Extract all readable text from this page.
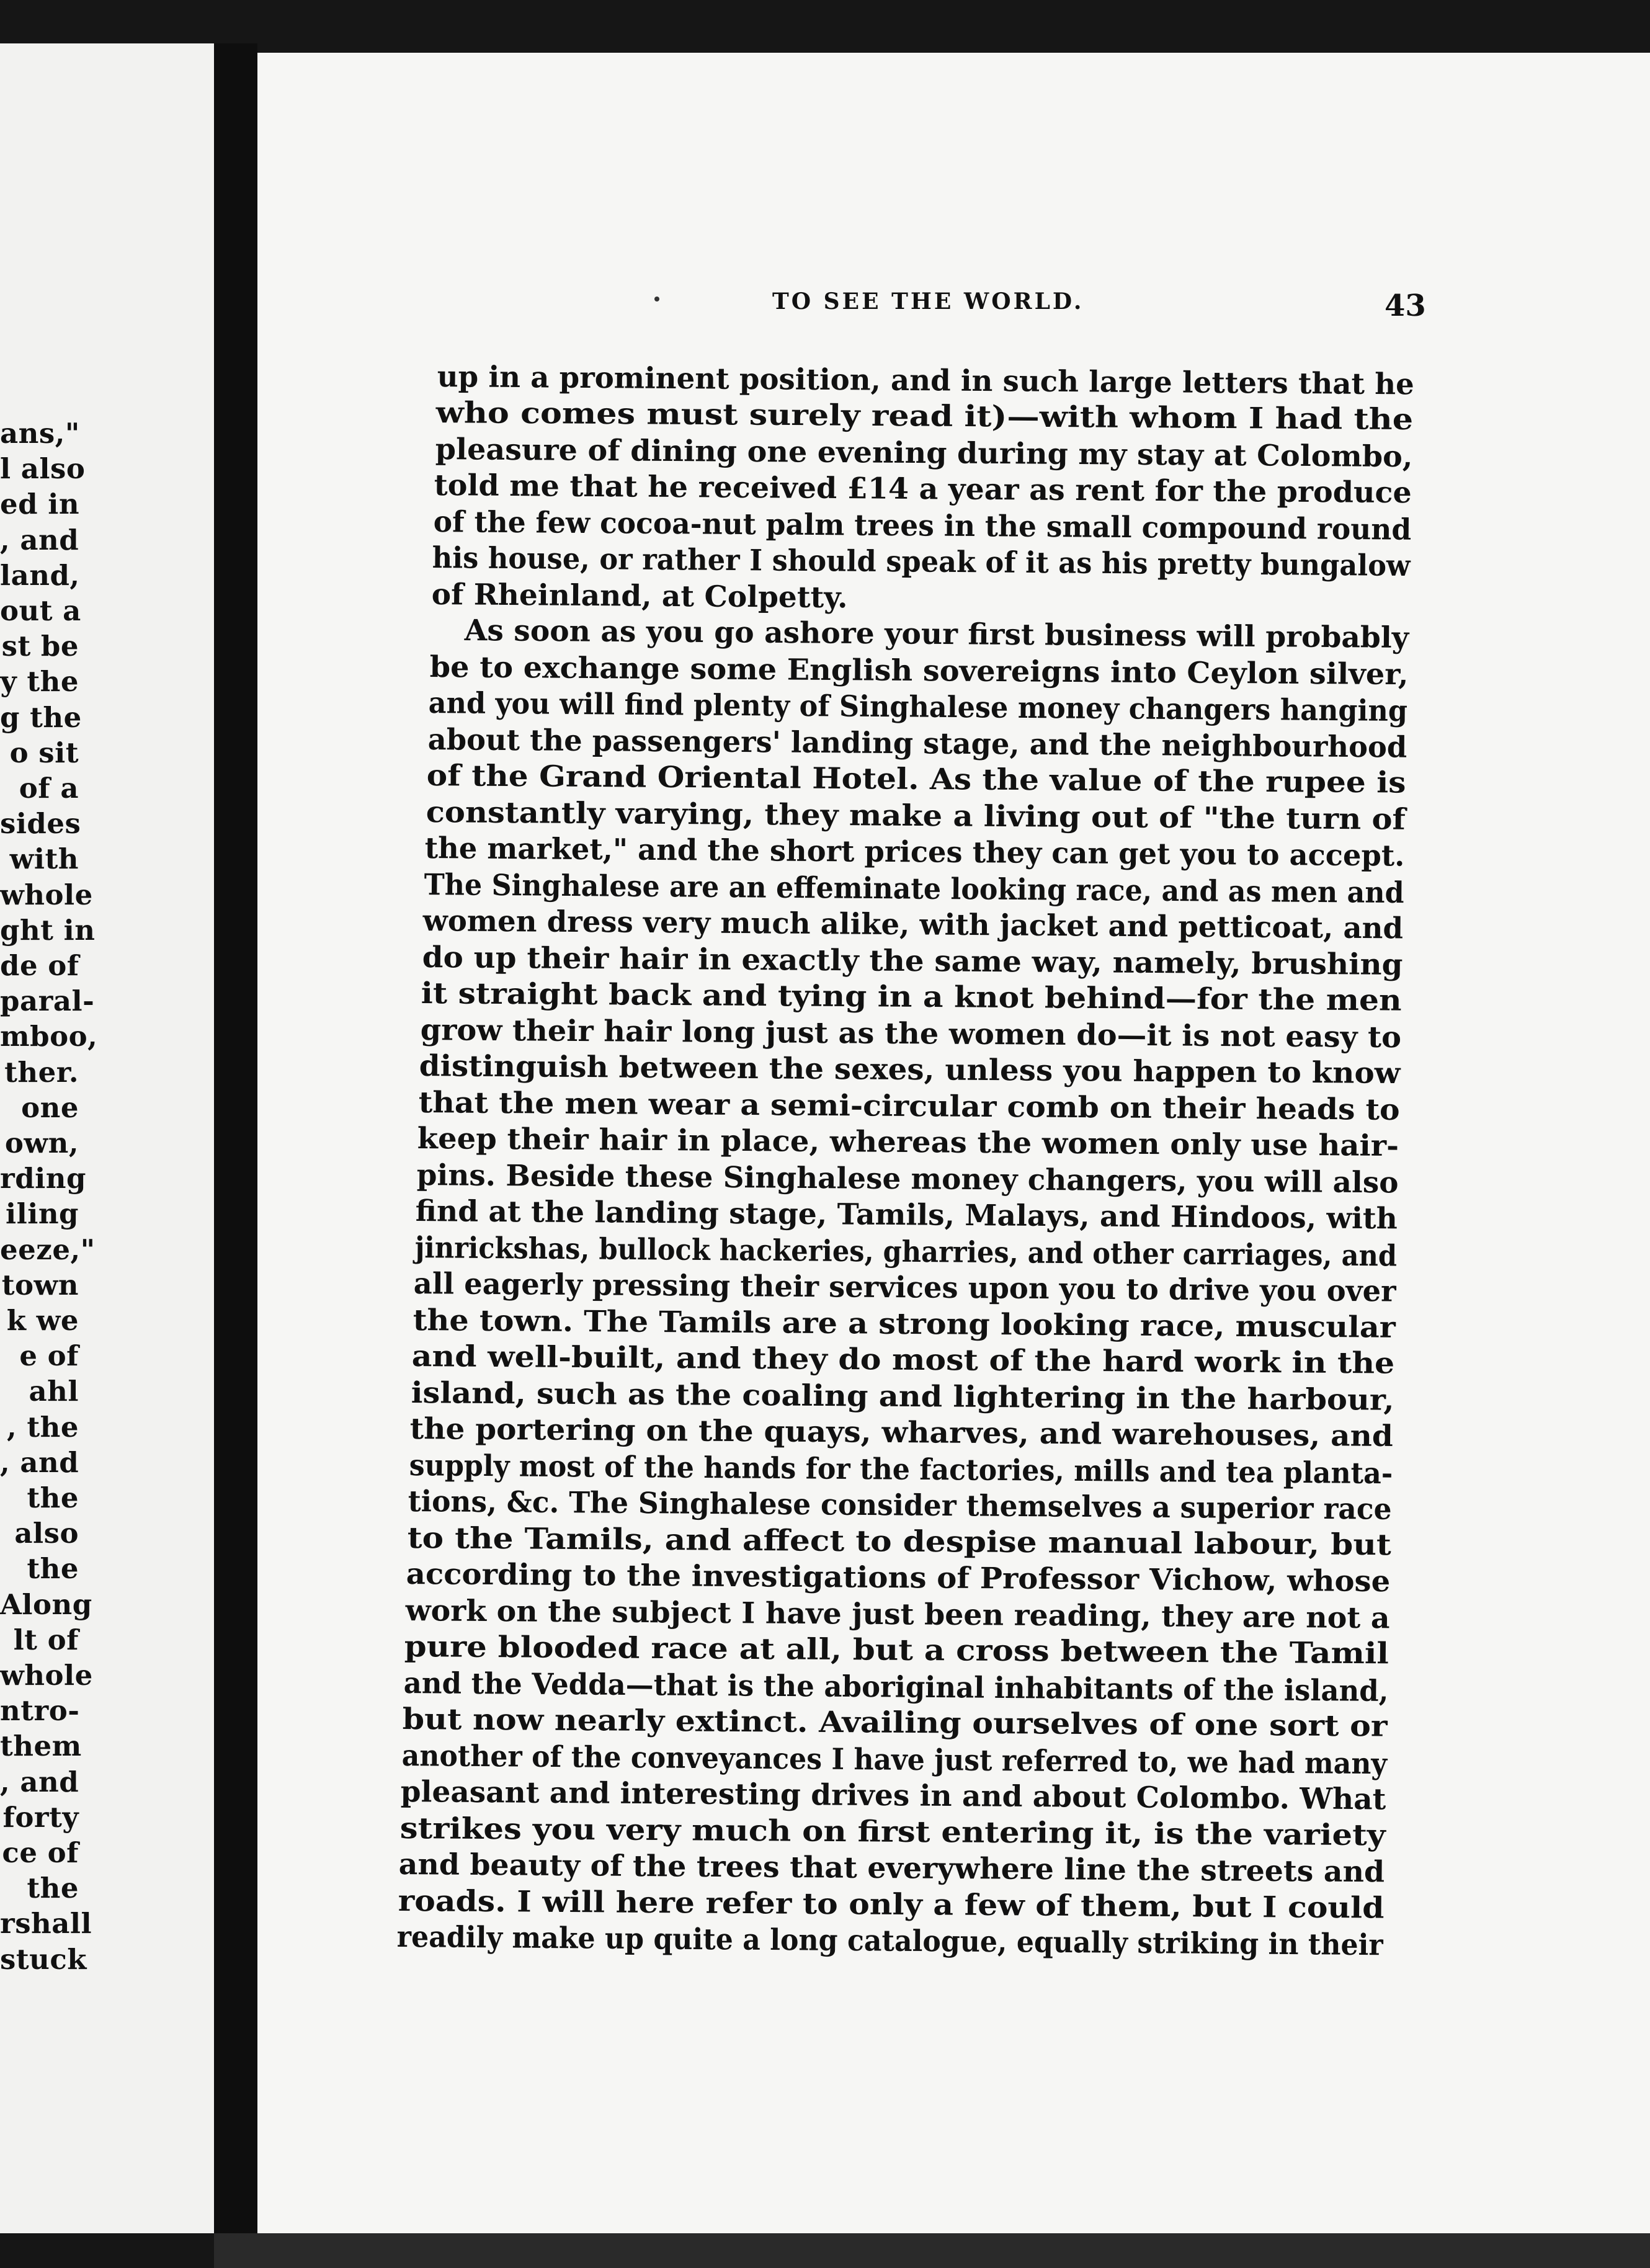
ans,"
l also
ed in
, and
land,
out a
st be
y the
g the
o sit
of a
sides
with
whole
ght in
de of
paral-
mboo,
ther.
one
own,
rding
iling
eeze,"
town
k we
e of
ahl
, the
, and
the
also
the
Along
lt of
whole
ntro-
them
, and
forty
ce of
the
rshall
stuck
TO SEE THE WORLD.	43
up in a prominent position, and in such large letters that he
who comes must surely read it)—with whom I had the
pleasure of dining one evening during my stay at Colombo,
told me that he received £14 a year as rent for the produce
of the few cocoa-nut palm trees in the small compound round
his house, or rather I should speak of it as his pretty bungalow
of Rheinland, at Colpetty.
As soon as you go ashore your first business will probably
be to exchange some English sovereigns into Ceylon silver,
and you will find plenty of Singhalese money changers hanging
about the passengers' landing stage, and the neighbourhood
of the Grand Oriental Hotel. As the value of the rupee is
constantly varying, they make a living out of "the turn of
the market," and the short prices they can get you to accept.
The Singhalese are an effeminate looking race, and as men and
women dress very much alike, with jacket and petticoat, and
do up their hair in exactly the same way, namely, brushing
it straight back and tying in a knot behind—for the men
grow their hair long just as the women do—it is not easy to
distinguish between the sexes, unless you happen to know
that the men wear a semi-circular comb on their heads to
keep their hair in place, whereas the women only use hair-
pins. Beside these Singhalese money changers, you will also
find at the landing stage, Tamils, Malays, and Hindoos, with
jinrickshas, bullock hackeries, gharries, and other carriages, and
all eagerly pressing their services upon you to drive you over
the town. The Tamils are a strong looking race, muscular
and well-built, and they do most of the hard work in the
island, such as the coaling and lightering in the harbour,
the portering on the quays, wharves, and warehouses, and
supply most of the hands for the factories, mills and tea planta-
tions, &c. The Singhalese consider themselves a superior race
to the Tamils, and affect to despise manual labour, but
according to the investigations of Professor Vichow, whose
work on the subject I have just been reading, they are not a
pure blooded race at all, but a cross between the Tamil
and the Vedda—that is the aboriginal inhabitants of the island,
but now nearly extinct. Availing ourselves of one sort or
another of the conveyances I have just referred to, we had many
pleasant and interesting drives in and about Colombo. What
strikes you very much on first entering it, is the variety
and beauty of the trees that everywhere line the streets and
roads. I will here refer to only a few of them, but I could
readily make up quite a long catalogue, equally striking in their
